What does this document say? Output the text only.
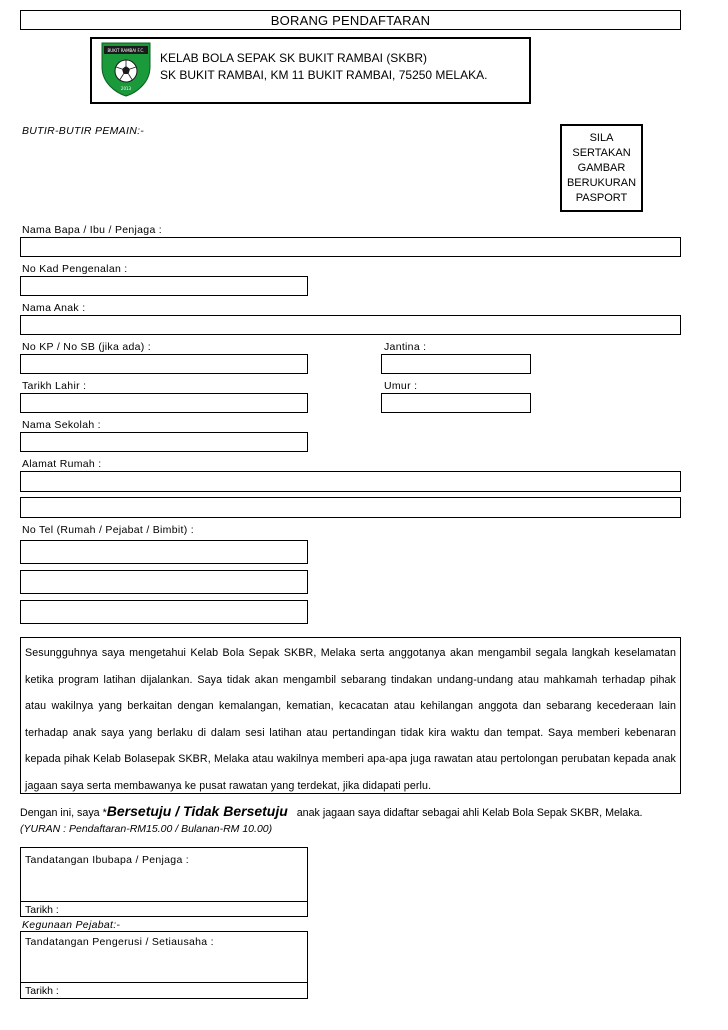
BORANG PENDAFTARAN
BUKIT RAMBAI F.C.
2013
KELAB BOLA SEPAK SK BUKIT RAMBAI (SKBR)
SK BUKIT RAMBAI, KM 11 BUKIT RAMBAI, 75250 MELAKA.
BUTIR-BUTIR PEMAIN:-
SILA
SERTAKAN
GAMBAR
BERUKURAN
PASPORT
Nama Bapa / Ibu / Penjaga :
No Kad Pengenalan :
Nama Anak :
No KP / No SB (jika ada) :	Jantina :
Tarikh Lahir :	Umur :
Nama Sekolah :
Alamat Rumah :
No Tel (Rumah / Pejabat / Bimbit) :
Sesungguhnya saya mengetahui Kelab Bola Sepak SKBR, Melaka serta anggotanya akan mengambil segala langkah keselamatan ketika program latihan dijalankan. Saya tidak akan mengambil sebarang tindakan undang-undang atau mahkamah terhadap pihak atau wakilnya yang berkaitan dengan kemalangan, kematian, kecacatan atau kehilangan anggota dan sebarang kecederaan lain terhadap anak saya yang berlaku di dalam sesi latihan atau pertandingan tidak kira waktu dan tempat. Saya memberi kebenaran kepada pihak Kelab Bolasepak SKBR, Melaka atau wakilnya memberi apa-apa juga rawatan atau pertolongan perubatan kepada anak jagaan saya serta membawanya ke pusat rawatan yang terdekat, jika didapati perlu.
Dengan ini, saya *Bersetuju / Tidak Bersetuju anak jagaan saya didaftar sebagai ahli Kelab Bola Sepak SKBR, Melaka.
(YURAN : Pendaftaran-RM15.00 / Bulanan-RM 10.00)
Tandatangan Ibubapa / Penjaga :
Tarikh :
Kegunaan Pejabat:-
Tandatangan Pengerusi / Setiausaha :
Tarikh :
